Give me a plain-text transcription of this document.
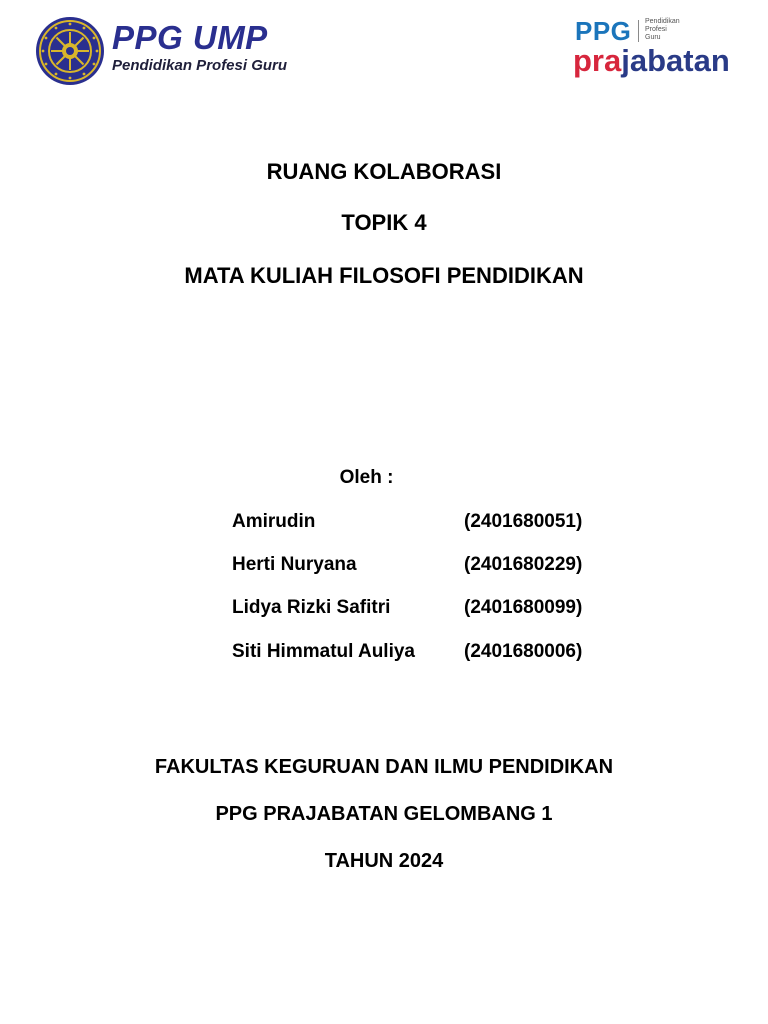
PPG UMP
Pendidikan Profesi Guru
PPG Pendidikan
Profesi
Guru
prajabatan
RUANG KOLABORASI
TOPIK 4
MATA KULIAH FILOSOFI PENDIDIKAN
Oleh :
Amirudin	(2401680051)
Herti Nuryana	(2401680229)
Lidya Rizki Safitri	(2401680099)
Siti Himmatul Auliya	(2401680006)
FAKULTAS KEGURUAN DAN ILMU PENDIDIKAN
PPG PRAJABATAN GELOMBANG 1
TAHUN 2024
